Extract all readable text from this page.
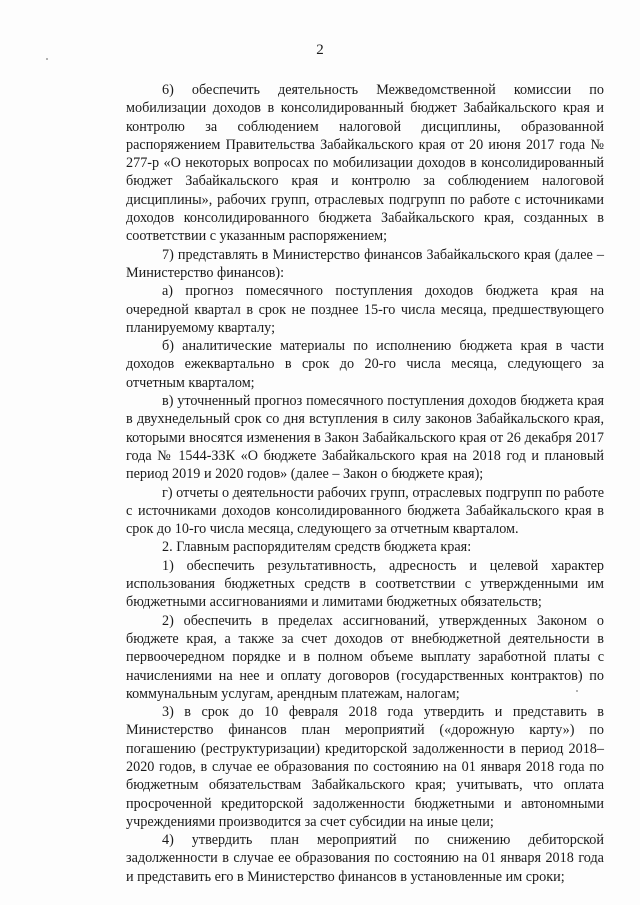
2

6) обеспечить деятельность Межведомственной комиссии по мобилизации доходов в консолидированный бюджет Забайкальского края и контролю за соблюдением налоговой дисциплины, образованной распоряжением Правительства Забайкальского края от 20 июня 2017 года № 277-р «О некоторых вопросах по мобилизации доходов в консолидированный бюджет Забайкальского края и контролю за соблюдением налоговой дисциплины», рабочих групп, отраслевых подгрупп по работе с источниками доходов консолидированного бюджета Забайкальского края, созданных в соответствии с указанным распоряжением;

7) представлять в Министерство финансов Забайкальского края (далее – Министерство финансов):

а) прогноз помесячного поступления доходов бюджета края на очередной квартал в срок не позднее 15-го числа месяца, предшествующего планируемому кварталу;

б) аналитические материалы по исполнению бюджета края в части доходов ежеквартально в срок до 20-го числа месяца, следующего за отчетным кварталом;

в) уточненный прогноз помесячного поступления доходов бюджета края в двухнедельный срок со дня вступления в силу законов Забайкальского края, которыми вносятся изменения в Закон Забайкальского края от 26 декабря 2017 года № 1544-ЗЗК «О бюджете Забайкальского края на 2018 год и плановый период 2019 и 2020 годов» (далее – Закон о бюджете края);

г) отчеты о деятельности рабочих групп, отраслевых подгрупп по работе с источниками доходов консолидированного бюджета Забайкальского края в срок до 10-го числа месяца, следующего за отчетным кварталом.

2. Главным распорядителям средств бюджета края:

1) обеспечить результативность, адресность и целевой характер использования бюджетных средств в соответствии с утвержденными им бюджетными ассигнованиями и лимитами бюджетных обязательств;

2) обеспечить в пределах ассигнований, утвержденных Законом о бюджете края, а также за счет доходов от внебюджетной деятельности в первоочередном порядке и в полном объеме выплату заработной платы с начислениями на нее и оплату договоров (государственных контрактов) по коммунальным услугам, арендным платежам, налогам;

3) в срок до 10 февраля 2018 года утвердить и представить в Министерство финансов план мероприятий («дорожную карту») по погашению (реструктуризации) кредиторской задолженности в период 2018–2020 годов, в случае ее образования по состоянию на 01 января 2018 года по бюджетным обязательствам Забайкальского края; учитывать, что оплата просроченной кредиторской задолженности бюджетными и автономными учреждениями производится за счет субсидии на иные цели;

4) утвердить план мероприятий по снижению дебиторской задолженности в случае ее образования по состоянию на 01 января 2018 года и представить его в Министерство финансов в установленные им сроки;
